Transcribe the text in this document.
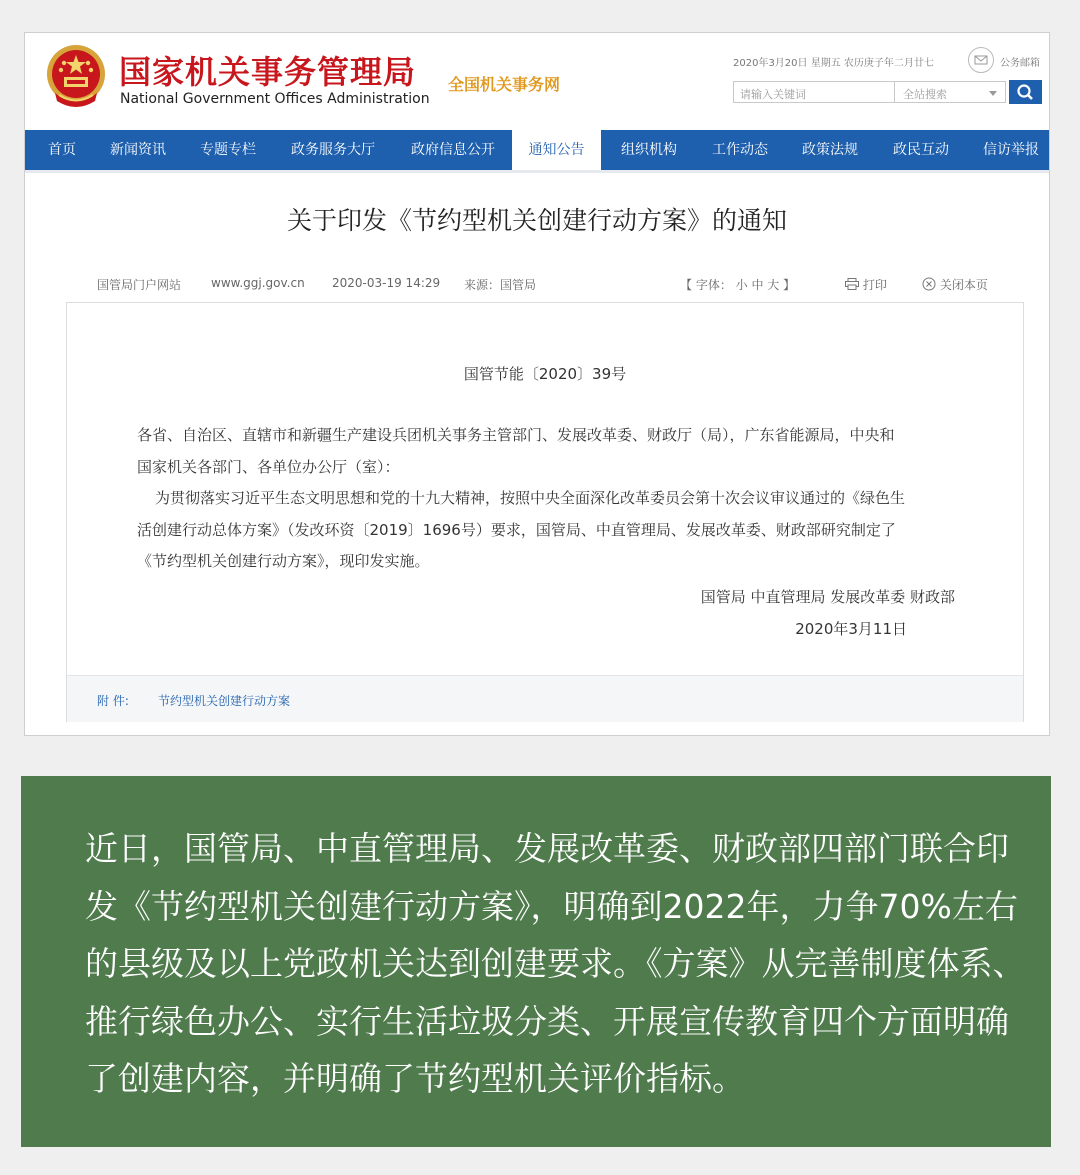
国家机关事务管理局
National Government Offices Administration
全国机关事务网
2020年3月20日 星期五 农历庚子年二月廿七	公务邮箱
请输入关键词	全站搜索
首页	新闻资讯	专题专栏	政务服务大厅	政府信息公开	通知公告	组织机构	工作动态	政策法规	政民互动	信访举报
关于印发《节约型机关创建行动方案》的通知
国管局门户网站 www.ggj.gov.cn 2020-03-19 14:29 来源：国管局	【 字体： 小 中 大 】	打印	关闭本页
国管节能〔2020〕39号
各省、自治区、直辖市和新疆生产建设兵团机关事务主管部门、发展改革委、财政厅（局），广东省能源局，中央和
国家机关各部门、各单位办公厅（室）：
为贯彻落实习近平生态文明思想和党的十九大精神，按照中央全面深化改革委员会第十次会议审议通过的《绿色生
活创建行动总体方案》（发改环资〔2019〕1696号）要求，国管局、中直管理局、发展改革委、财政部研究制定了
《节约型机关创建行动方案》，现印发实施。
国管局 中直管理局 发展改革委 财政部
2020年3月11日
附 件: 节约型机关创建行动方案

近日，国管局、中直管理局、发展改革委、财政部四部门联合印发《节约型机关创建行动方案》，明确到2022年，力争70%左右的县级及以上党政机关达到创建要求。《方案》从完善制度体系、推行绿色办公、实行生活垃圾分类、开展宣传教育四个方面明确了创建内容，并明确了节约型机关评价指标。
